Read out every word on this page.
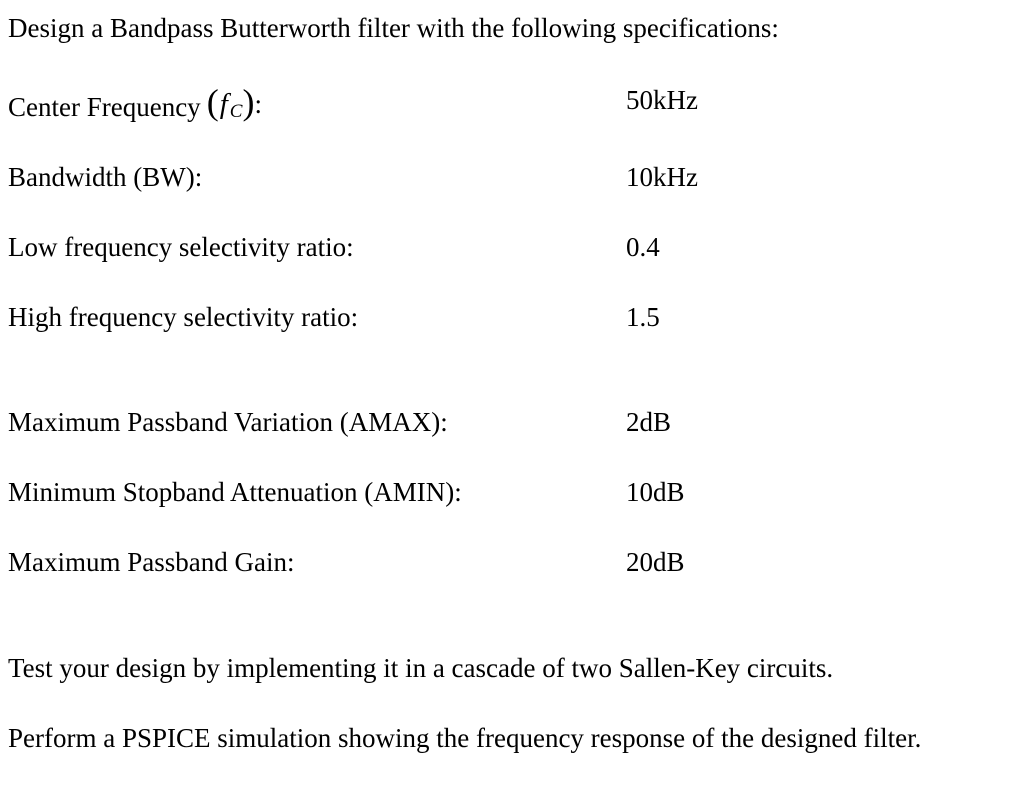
Design a Bandpass Butterworth filter with the following specifications:
Center Frequency ( f C ) :	50kHz
Bandwidth (BW):	10kHz
Low frequency selectivity ratio:	0.4
High frequency selectivity ratio:	1.5
Maximum Passband Variation (AMAX):	2dB
Minimum Stopband Attenuation (AMIN):	10dB
Maximum Passband Gain:	20dB
Test your design by implementing it in a cascade of two Sallen-Key circuits.
Perform a PSPICE simulation showing the frequency response of the designed filter.
